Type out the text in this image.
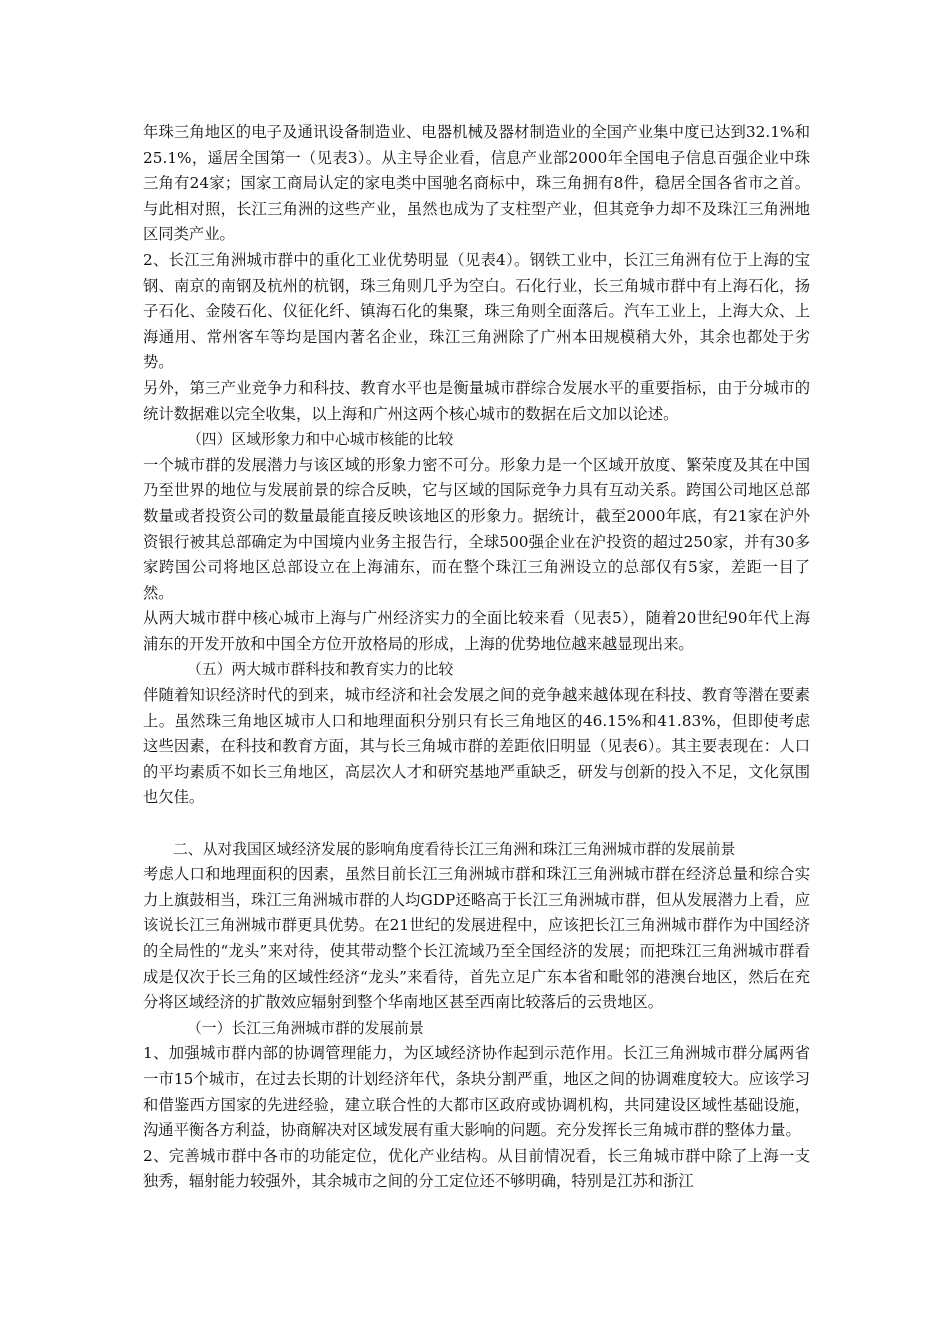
年珠三角地区的电子及通讯设备制造业、电器机械及器材制造业的全国产业集中度已达到32.1%和25.1%，遥居全国第一（见表3）。从主导企业看，信息产业部2000年全国电子信息百强企业中珠三角有24家；国家工商局认定的家电类中国驰名商标中，珠三角拥有8件，稳居全国各省市之首。与此相对照，长江三角洲的这些产业，虽然也成为了支柱型产业，但其竞争力却不及珠江三角洲地区同类产业。

2、长江三角洲城市群中的重化工业优势明显（见表4）。钢铁工业中，长江三角洲有位于上海的宝钢、南京的南钢及杭州的杭钢，珠三角则几乎为空白。石化行业，长三角城市群中有上海石化，扬子石化、金陵石化、仪征化纤、镇海石化的集聚，珠三角则全面落后。汽车工业上，上海大众、上海通用、常州客车等均是国内著名企业，珠江三角洲除了广州本田规模稍大外，其余也都处于劣势。

另外，第三产业竞争力和科技、教育水平也是衡量城市群综合发展水平的重要指标，由于分城市的统计数据难以完全收集，以上海和广州这两个核心城市的数据在后文加以论述。

（四）区域形象力和中心城市核能的比较

一个城市群的发展潜力与该区域的形象力密不可分。形象力是一个区域开放度、繁荣度及其在中国乃至世界的地位与发展前景的综合反映，它与区域的国际竞争力具有互动关系。跨国公司地区总部数量或者投资公司的数量最能直接反映该地区的形象力。据统计，截至2000年底，有21家在沪外资银行被其总部确定为中国境内业务主报告行，全球500强企业在沪投资的超过250家，并有30多家跨国公司将地区总部设立在上海浦东，而在整个珠江三角洲设立的总部仅有5家，差距一目了然。

从两大城市群中核心城市上海与广州经济实力的全面比较来看（见表5），随着20世纪90年代上海浦东的开发开放和中国全方位开放格局的形成，上海的优势地位越来越显现出来。

（五）两大城市群科技和教育实力的比较

伴随着知识经济时代的到来，城市经济和社会发展之间的竞争越来越体现在科技、教育等潜在要素上。虽然珠三角地区城市人口和地理面积分别只有长三角地区的46.15%和41.83%，但即使考虑这些因素，在科技和教育方面，其与长三角城市群的差距依旧明显（见表6）。其主要表现在：人口的平均素质不如长三角地区，高层次人才和研究基地严重缺乏，研发与创新的投入不足，文化氛围也欠佳。

二、从对我国区域经济发展的影响角度看待长江三角洲和珠江三角洲城市群的发展前景

考虑人口和地理面积的因素，虽然目前长江三角洲城市群和珠江三角洲城市群在经济总量和综合实力上旗鼓相当，珠江三角洲城市群的人均GDP还略高于长江三角洲城市群，但从发展潜力上看，应该说长江三角洲城市群更具优势。在21世纪的发展进程中，应该把长江三角洲城市群作为中国经济的全局性的“龙头”来对待，使其带动整个长江流域乃至全国经济的发展；而把珠江三角洲城市群看成是仅次于长三角的区域性经济“龙头”来看待，首先立足广东本省和毗邻的港澳台地区，然后在充分将区域经济的扩散效应辐射到整个华南地区甚至西南比较落后的云贵地区。

（一）长江三角洲城市群的发展前景

1、加强城市群内部的协调管理能力，为区域经济协作起到示范作用。长江三角洲城市群分属两省一市15个城市，在过去长期的计划经济年代，条块分割严重，地区之间的协调难度较大。应该学习和借鉴西方国家的先进经验，建立联合性的大都市区政府或协调机构，共同建设区域性基础设施，沟通平衡各方利益，协商解决对区域发展有重大影响的问题。充分发挥长三角城市群的整体力量。

2、完善城市群中各市的功能定位，优化产业结构。从目前情况看，长三角城市群中除了上海一支独秀，辐射能力较强外，其余城市之间的分工定位还不够明确，特别是江苏和浙江
